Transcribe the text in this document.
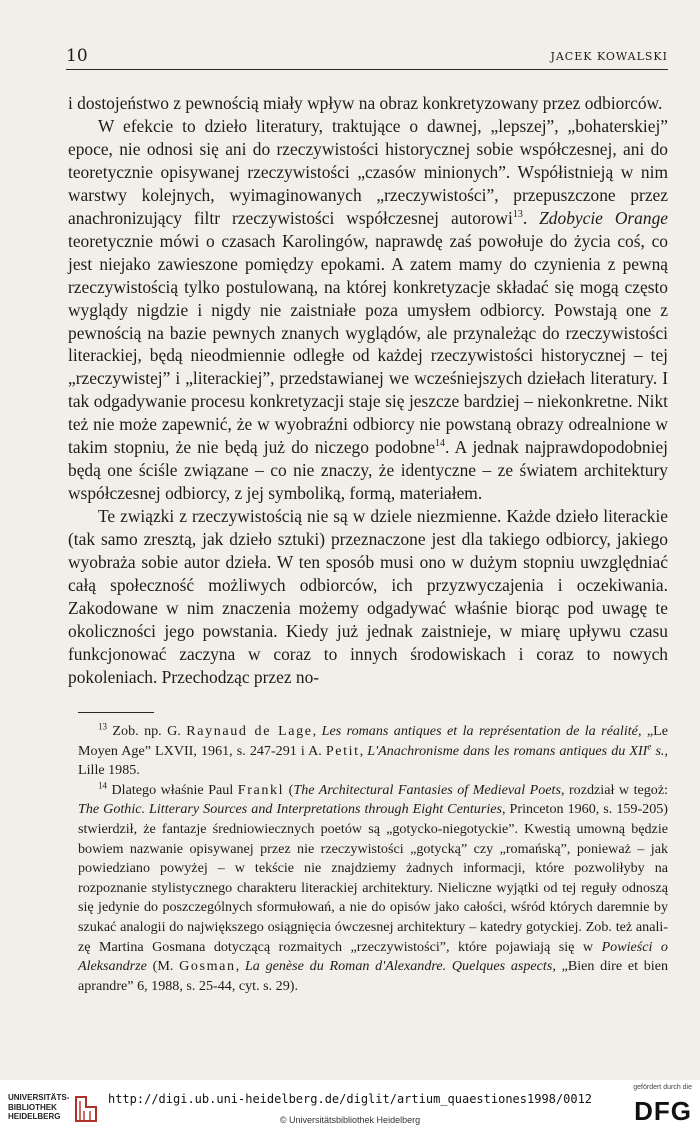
10	JACEK KOWALSKI

i dostojeństwo z pewnością miały wpływ na obraz konkretyzowany przez odbiorców.

W efekcie to dzieło literatury, traktujące o dawnej, „lepszej”, „bohaterskiej” epoce, nie odnosi się ani do rzeczywistości historycznej sobie współczesnej, ani do teoretycznie opisywanej rzeczywistości „czasów minionych”. Współistnieją w nim warstwy kolejnych, wyimaginowanych „rzeczywistości”, przepuszczone przez anachronizujący filtr rzeczywistości współczesnej autorowi$^{13}$. Zdobycie Orange teoretycznie mówi o czasach Karolingów, naprawdę zaś powołuje do życia coś, co jest niejako zawieszone pomiędzy epokami. A zatem mamy do czynienia z pewną rzeczywistością tylko postulowaną, na której konkretyzacje składać się mogą często wyglądy nigdzie i nigdy nie zaistniałe poza umysłem odbiorcy. Powstają one z pewnością na bazie pewnych znanych wyglądów, ale przynależąc do rzeczywistości literackiej, będą nieodmiennie odległe od każdej rzeczywistości historycznej – tej „rzeczywistej” i „literackiej”, przedstawianej we wcześniejszych dziełach literatury. I tak odgadywanie procesu konkretyzacji staje się jeszcze bardziej – niekonkretne. Nikt też nie może zapewnić, że w wyobraźni odbiorcy nie powstaną obrazy odrealnione w takim stopniu, że nie będą już do niczego podobne$^{14}$. A jednak najprawdopodobniej będą one ściśle związane – co nie znaczy, że identyczne – ze światem architektury współczesnej odbiorcy, z jej symboliką, formą, materiałem.

Te związki z rzeczywistością nie są w dziele niezmienne. Każde dzieło literackie (tak samo zresztą, jak dzieło sztuki) przeznaczone jest dla takiego odbiorcy, jakiego wyobraża sobie autor dzieła. W ten sposób musi ono w dużym stopniu uwzględniać całą społeczność możliwych odbiorców, ich przyzwyczajenia i oczekiwania. Zakodowane w nim znaczenia możemy odgadywać właśnie biorąc pod uwagę te okoliczności jego powstania. Kiedy już jednak zaistnieje, w miarę upływu czasu funkcjonować zaczyna w coraz to innych środowiskach i coraz to nowych pokoleniach. Przechodząc przez no-

$^{13}$ Zob. np. G. Raynaud de Lage, Les romans antiques et la représentation de la réalité, „Le Moyen Age” LXVII, 1961, s. 247-291 i A. Petit, L'Anachronisme dans les romans antiques du XIIe s., Lille 1985.

$^{14}$ Dlatego właśnie Paul Frankl (The Architectural Fantasies of Medieval Poets, rozdział w tegoż: The Gothic. Litterary Sources and Interpretations through Eight Centuries, Princeton 1960, s. 159-205) stwierdził, że fantazje średniowiecznych poetów są „gotycko-niegotyckie”. Kwestią umowną będzie bowiem nazwanie opisywanej przez nie rzeczywistości „gotycką” czy „romańską”, ponieważ – jak powiedziano powyżej – w tekście nie znajdziemy żadnych informacji, które pozwoliłyby na rozpoznanie stylistycznego charakteru literackiej architektury. Nieliczne wyjątki od tej reguły odnoszą się jedynie do poszczególnych sformułowań, a nie do opisów jako całości, wśród których daremnie by szukać analogii do największego osiągnięcia ówczesnej architektury – katedry gotyckiej. Zob. też analizę Martina Gosmana dotyczącą rozmaitych „rzeczywistości”, które pojawiają się w Powieści o Aleksandrze (M. Gosman, La genèse du Roman d'Alexandre. Quelques aspects, „Bien dire et bien aprandre” 6, 1988, s. 25-44, cyt. s. 29).

UNIVERSITÄTS-
BIBLIOTHEK
HEIDELBERG
http://digi.ub.uni-heidelberg.de/diglit/artium_quaestiones1998/0012
© Universitätsbibliothek Heidelberg
gefördert durch die
DFG
